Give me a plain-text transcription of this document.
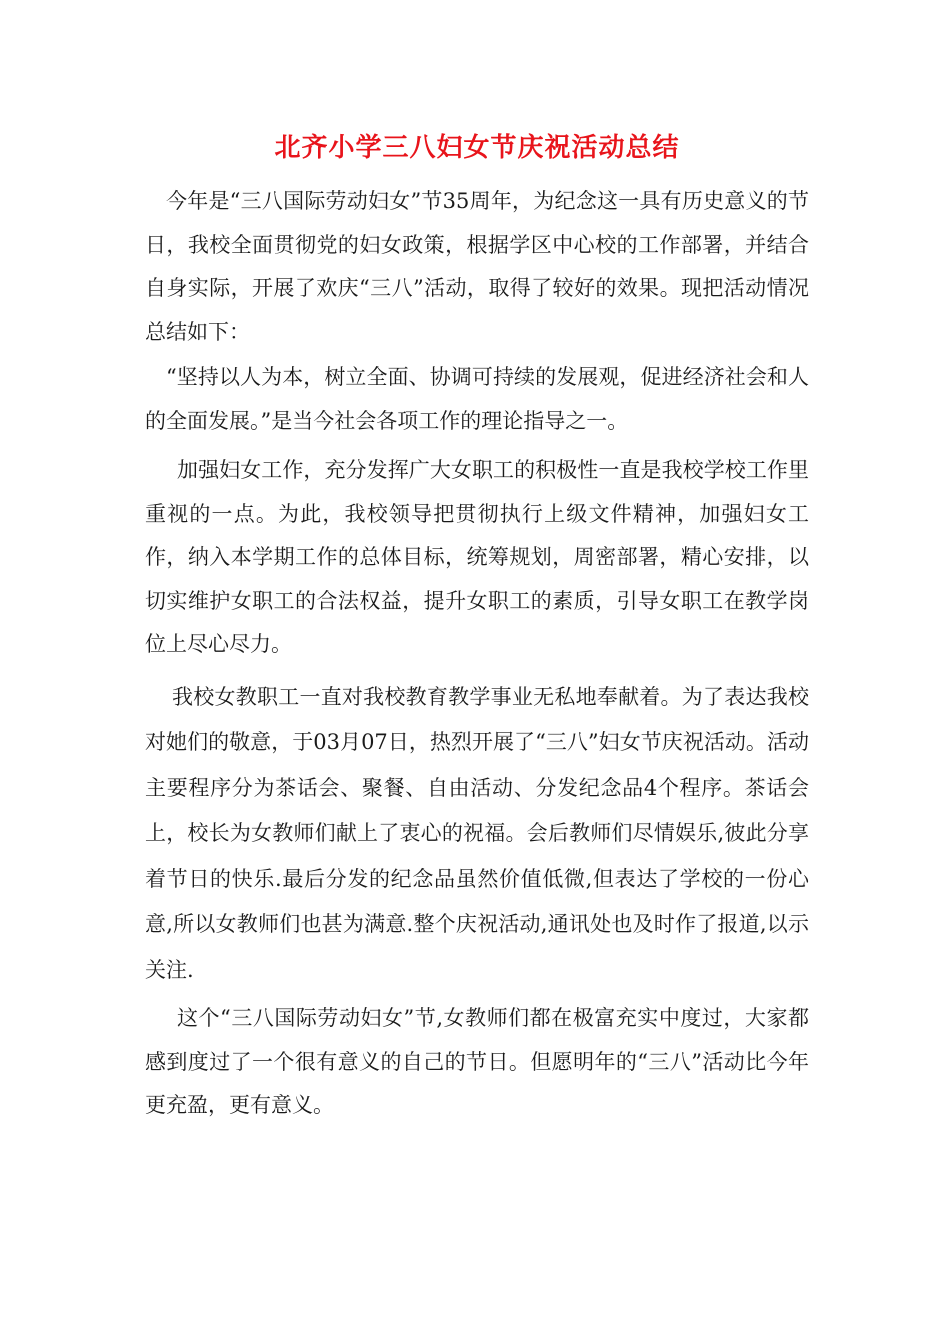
北齐小学三八妇女节庆祝活动总结

今年是“三八国际劳动妇女”节35周年，为纪念这一具有历史意义的节日，我校全面贯彻党的妇女政策，根据学区中心校的工作部署，并结合自身实际，开展了欢庆“三八”活动，取得了较好的效果。现把活动情况总结如下：

“坚持以人为本，树立全面、协调可持续的发展观，促进经济社会和人的全面发展。”是当今社会各项工作的理论指导之一。

加强妇女工作，充分发挥广大女职工的积极性一直是我校学校工作里重视的一点。为此，我校领导把贯彻执行上级文件精神，加强妇女工作，纳入本学期工作的总体目标，统筹规划，周密部署，精心安排，以切实维护女职工的合法权益，提升女职工的素质，引导女职工在教学岗位上尽心尽力。

我校女教职工一直对我校教育教学事业无私地奉献着。为了表达我校对她们的敬意，于03月07日，热烈开展了“三八”妇女节庆祝活动。活动主要程序分为茶话会、聚餐、自由活动、分发纪念品4个程序。茶话会上，校长为女教师们献上了衷心的祝福。会后教师们尽情娱乐,彼此分享着节日的快乐.最后分发的纪念品虽然价值低微,但表达了学校的一份心意,所以女教师们也甚为满意.整个庆祝活动,通讯处也及时作了报道,以示关注.

这个“三八国际劳动妇女”节,女教师们都在极富充实中度过，大家都感到度过了一个很有意义的自己的节日。但愿明年的“三八”活动比今年更充盈，更有意义。
